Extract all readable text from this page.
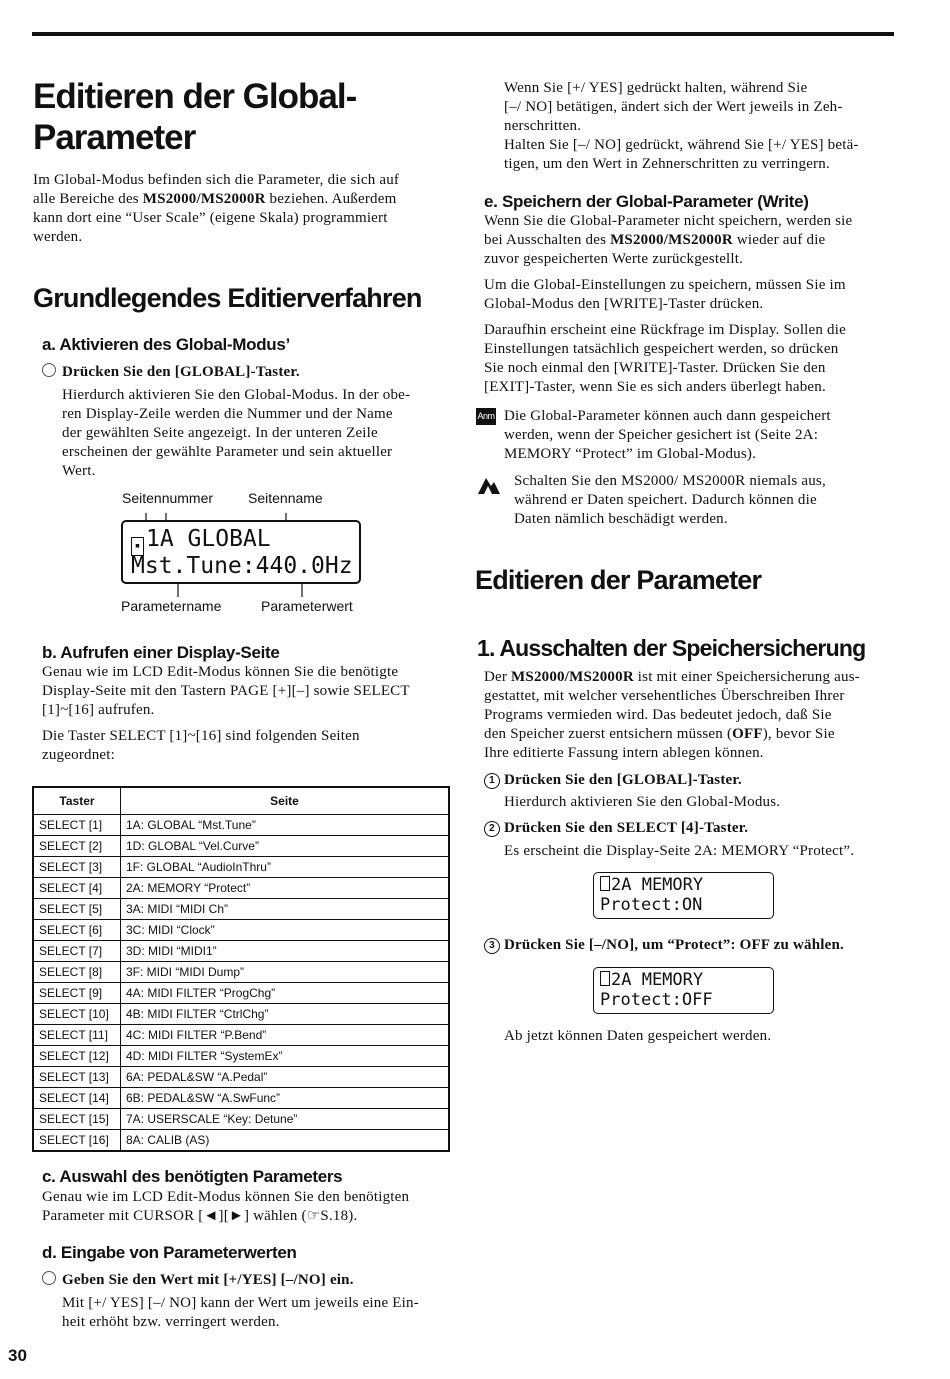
Editieren der Global-
Parameter
Im Global-Modus befinden sich die Parameter, die sich auf
alle Bereiche des MS2000/MS2000R beziehen. Außerdem
kann dort eine “User Scale” (eigene Skala) programmiert
werden.
Grundlegendes Editierverfahren
a. Aktivieren des Global-Modus’
Drücken Sie den [GLOBAL]-Taster.
Hierdurch aktivieren Sie den Global-Modus. In der obe-
ren Display-Zeile werden die Nummer und der Name
der gewählten Seite angezeigt. In der unteren Zeile
erscheinen der gewählte Parameter und sein aktueller
Wert.
Seitennummer Seitenname
▪ 1A GLOBAL
Mst.Tune:440.0Hz
Parametername	Parameterwert
b. Aufrufen einer Display-Seite
Genau wie im LCD Edit-Modus können Sie die benötigte
Display-Seite mit den Tastern PAGE [+][–] sowie SELECT
[1]~[16] aufrufen.
Die Taster SELECT [1]~[16] sind folgenden Seiten
zugeordnet:
Taster	Seite
SELECT [1]	1A: GLOBAL “Mst.Tune”
SELECT [2]	1D: GLOBAL “Vel.Curve”
SELECT [3]	1F: GLOBAL “AudioInThru”
SELECT [4]	2A: MEMORY “Protect”
SELECT [5]	3A: MIDI “MIDI Ch”
SELECT [6]	3C: MIDI “Clock”
SELECT [7]	3D: MIDI “MIDI1”
SELECT [8]	3F: MIDI “MIDI Dump”
SELECT [9]	4A: MIDI FILTER “ProgChg”
SELECT [10]	4B: MIDI FILTER “CtrlChg”
SELECT [11]	4C: MIDI FILTER “P.Bend”
SELECT [12]	4D: MIDI FILTER “SystemEx”
SELECT [13]	6A: PEDAL&SW “A.Pedal”
SELECT [14]	6B: PEDAL&SW “A.SwFunc”
SELECT [15]	7A: USERSCALE “Key: Detune”
SELECT [16]	8A: CALIB (AS)
c. Auswahl des benötigten Parameters
Genau wie im LCD Edit-Modus können Sie den benötigten
Parameter mit CURSOR [◄][►] wählen (☞S.18).
d. Eingabe von Parameterwerten
Geben Sie den Wert mit [+/YES] [–/NO] ein.
Mit [+/ YES] [–/ NO] kann der Wert um jeweils eine Ein-
heit erhöht bzw. verringert werden.
30
Wenn Sie [+/ YES] gedrückt halten, während Sie
[–/ NO] betätigen, ändert sich der Wert jeweils in Zeh-
nerschritten.
Halten Sie [–/ NO] gedrückt, während Sie [+/ YES] betä-
tigen, um den Wert in Zehnerschritten zu verringern.
e. Speichern der Global-Parameter (Write)
Wenn Sie die Global-Parameter nicht speichern, werden sie
bei Ausschalten des MS2000/MS2000R wieder auf die
zuvor gespeicherten Werte zurückgestellt.
Um die Global-Einstellungen zu speichern, müssen Sie im
Global-Modus den [WRITE]-Taster drücken.
Daraufhin erscheint eine Rückfrage im Display. Sollen die
Einstellungen tatsächlich gespeichert werden, so drücken
Sie noch einmal den [WRITE]-Taster. Drücken Sie den
[EXIT]-Taster, wenn Sie es sich anders überlegt haben.
Anm Die Global-Parameter können auch dann gespeichert
werden, wenn der Speicher gesichert ist (Seite 2A:
MEMORY “Protect” im Global-Modus).
Schalten Sie den MS2000/ MS2000R niemals aus,
während er Daten speichert. Dadurch können die
Daten nämlich beschädigt werden.
Editieren der Parameter
1. Ausschalten der Speichersicherung
Der MS2000/MS2000R ist mit einer Speichersicherung aus-
gestattet, mit welcher versehentliches Überschreiben Ihrer
Programs vermieden wird. Das bedeutet jedoch, daß Sie
den Speicher zuerst entsichern müssen (OFF), bevor Sie
Ihre editierte Fassung intern ablegen können.
1 Drücken Sie den [GLOBAL]-Taster.
Hierdurch aktivieren Sie den Global-Modus.
2 Drücken Sie den SELECT [4]-Taster.
Es erscheint die Display-Seite 2A: MEMORY “Protect”.
2A MEMORY
Protect:ON
3 Drücken Sie [–/NO], um “Protect”: OFF zu wählen.
2A MEMORY
Protect:OFF
Ab jetzt können Daten gespeichert werden.
